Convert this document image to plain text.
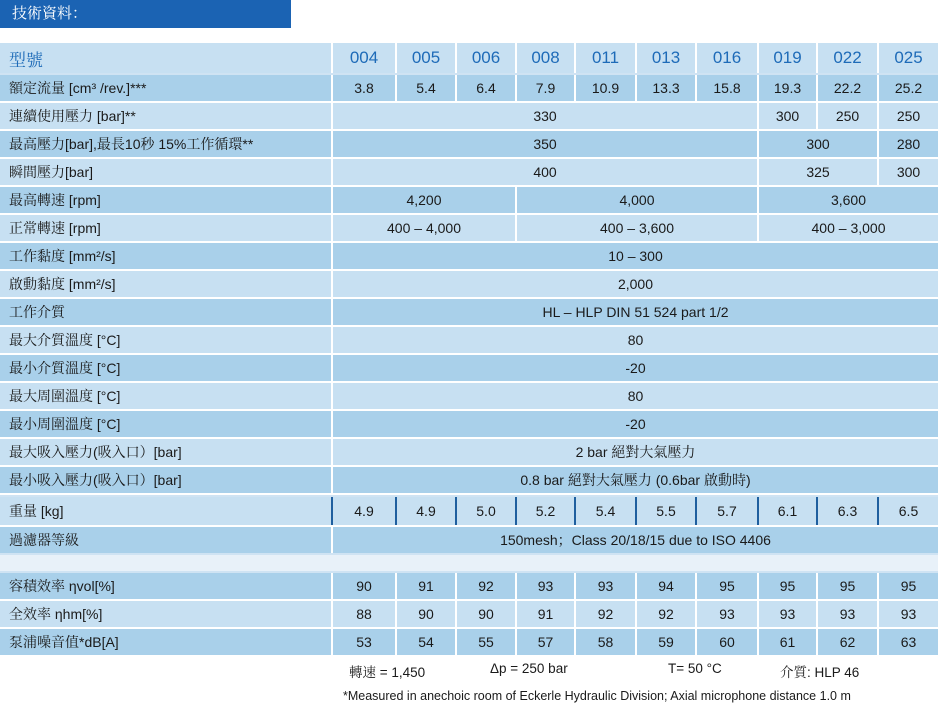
技術資料：
型號	004	005	006	008	011	013	016	019	022	025
額定流量 [cm³ /rev.]***	3.8	5.4	6.4	7.9	10.9	13.3	15.8	19.3	22.2	25.2
連續使用壓力 [bar]**	330	300	250	250
最高壓力[bar],最長10秒 15%工作循環**	350	300	280
瞬間壓力[bar]	400	325	300
最高轉速 [rpm]	4,200	4,000	3,600
正常轉速 [rpm]	400 – 4,000	400 – 3,600	400 – 3,000
工作黏度 [mm²/s]	10 – 300
啟動黏度 [mm²/s]	2,000
工作介質	HL – HLP DIN 51 524 part 1/2
最大介質溫度 [°C]	80
最小介質溫度 [°C]	-20
最大周圍溫度 [°C]	80
最小周圍溫度 [°C]	-20
最大吸入壓力(吸入口）[bar]	2 bar 絕對大氣壓力
最小吸入壓力(吸入口）[bar]	0.8 bar 絕對大氣壓力 (0.6bar 啟動時)
重量 [kg]	4.9	4.9	5.0	5.2	5.4	5.5	5.7	6.1	6.3	6.5
過濾器等級	150mesh；Class 20/18/15 due to ISO 4406
容積效率 ηvol[%]	90	91	92	93	93	94	95	95	95	95
全效率 ηhm[%]	88	90	90	91	92	92	93	93	93	93
泵浦噪音值*dB[A]	53	54	55	57	58	59	60	61	62	63
轉速 = 1,450	Δp = 250 bar	T= 50 °C	介質: HLP 46
*Measured in anechoic room of Eckerle Hydraulic Division; Axial microphone distance 1.0 m
